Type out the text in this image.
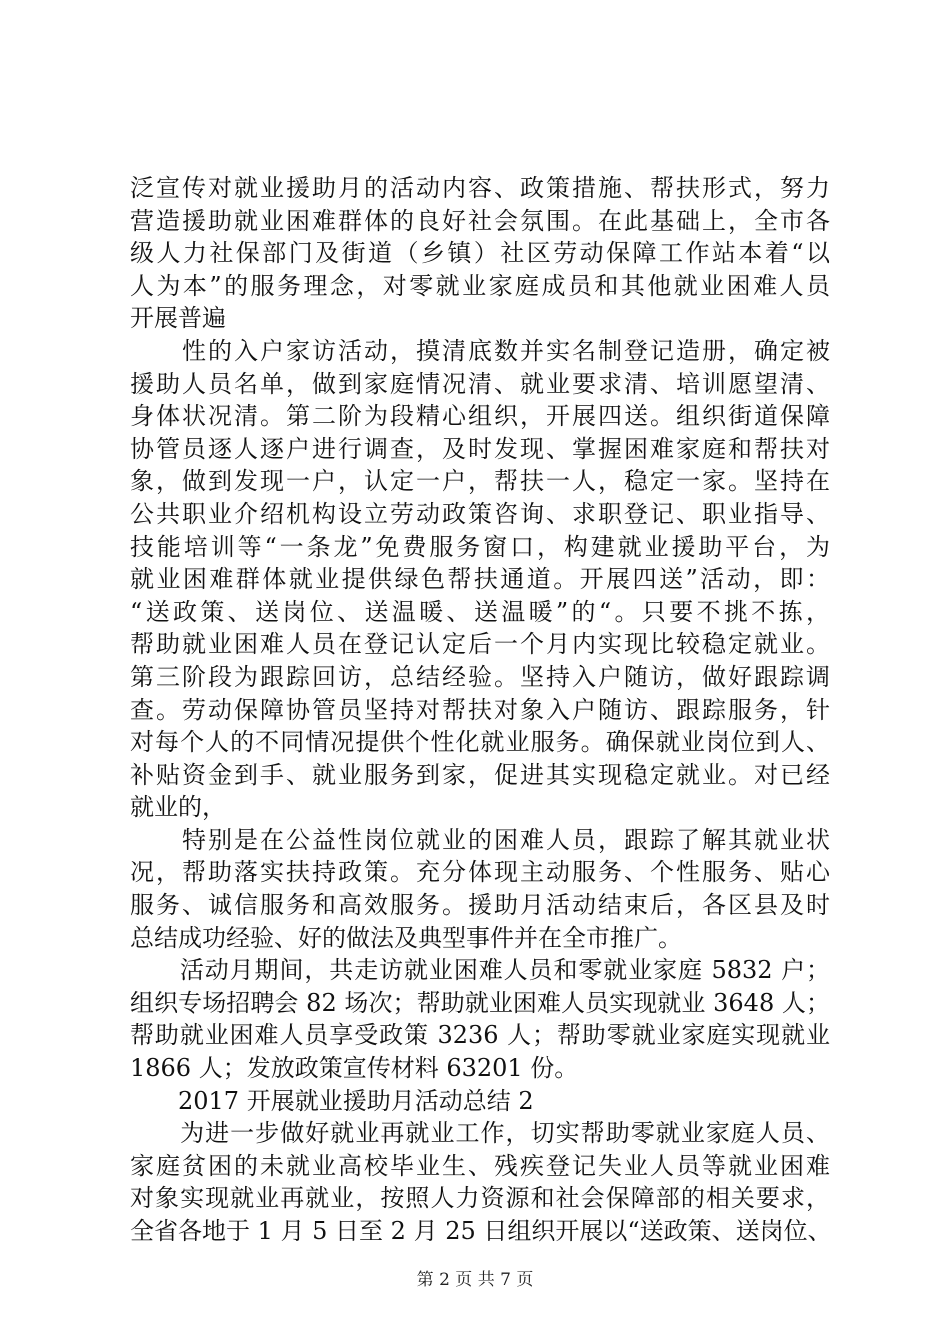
泛宣传对就业援助月的活动内容、政策措施、帮扶形式，努力
营造援助就业困难群体的良好社会氛围。在此基础上，全市各
级人力社保部门及街道（乡镇）社区劳动保障工作站本着“以
人为本”的服务理念，对零就业家庭成员和其他就业困难人员
开展普遍
　　性的入户家访活动，摸清底数并实名制登记造册，确定被
援助人员名单，做到家庭情况清、就业要求清、培训愿望清、
身体状况清。第二阶为段精心组织，开展四送。组织街道保障
协管员逐人逐户进行调查，及时发现、掌握困难家庭和帮扶对
象，做到发现一户，认定一户，帮扶一人，稳定一家。坚持在
公共职业介绍机构设立劳动政策咨询、求职登记、职业指导、
技能培训等“一条龙”免费服务窗口，构建就业援助平台，为
就业困难群体就业提供绿色帮扶通道。开展四送”活动，即：
“送政策、送岗位、送温暖、送温暖”的“。只要不挑不拣，
帮助就业困难人员在登记认定后一个月内实现比较稳定就业。
第三阶段为跟踪回访，总结经验。坚持入户随访，做好跟踪调
查。劳动保障协管员坚持对帮扶对象入户随访、跟踪服务，针
对每个人的不同情况提供个性化就业服务。确保就业岗位到人、
补贴资金到手、就业服务到家，促进其实现稳定就业。对已经
就业的，
　　特别是在公益性岗位就业的困难人员，跟踪了解其就业状
况，帮助落实扶持政策。充分体现主动服务、个性服务、贴心
服务、诚信服务和高效服务。援助月活动结束后，各区县及时
总结成功经验、好的做法及典型事件并在全市推广。
　　活动月期间，共走访就业困难人员和零就业家庭 5832 户；
组织专场招聘会 82 场次；帮助就业困难人员实现就业 3648 人；
帮助就业困难人员享受政策 3236 人；帮助零就业家庭实现就业
1866 人；发放政策宣传材料 63201 份。
　　2017 开展就业援助月活动总结 2
　　为进一步做好就业再就业工作，切实帮助零就业家庭人员、
家庭贫困的未就业高校毕业生、残疾登记失业人员等就业困难
对象实现就业再就业，按照人力资源和社会保障部的相关要求，
全省各地于 1 月 5 日至 2 月 25 日组织开展以“送政策、送岗位、
第 2 页 共 7 页
